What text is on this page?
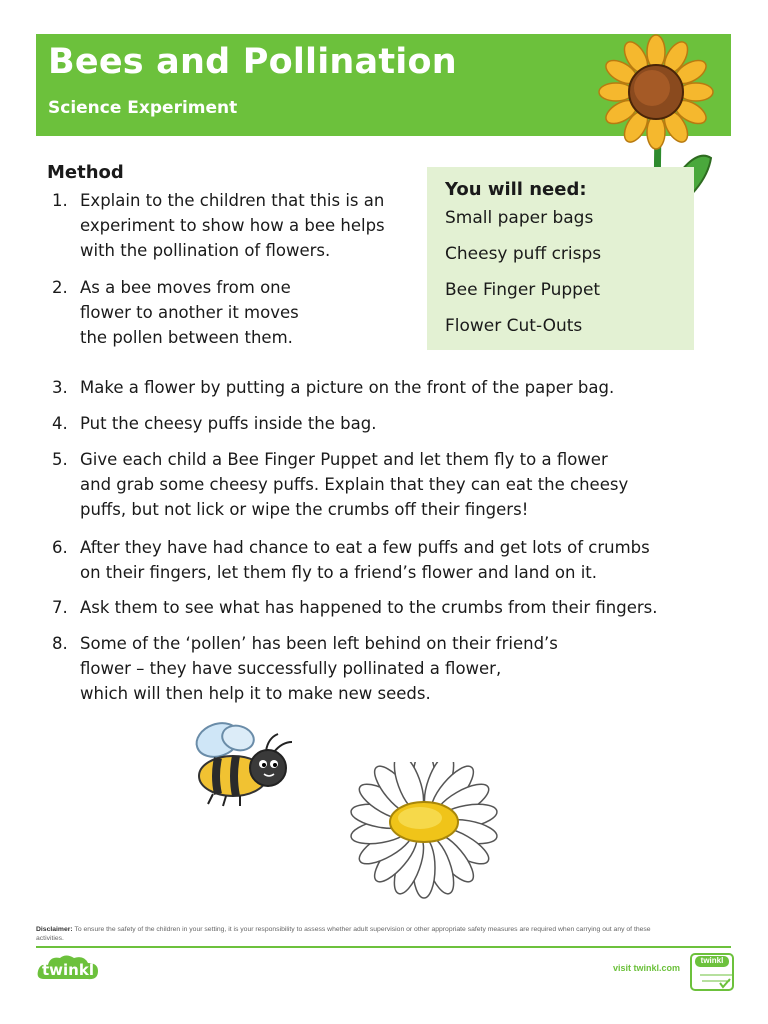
Bees and Pollination

Science Experiment

You will need:

Small paper bags
Cheesy puff crisps
Bee Finger Puppet
Flower Cut-Outs

Method

1. Explain to the children that this is an
experiment to show how a bee helps
with the pollination of flowers.
2. As a bee moves from one
flower to another it moves
the pollen between them.
3. Make a flower by putting a picture on the front of the paper bag.
4. Put the cheesy puffs inside the bag.
5. Give each child a Bee Finger Puppet and let them fly to a flower
and grab some cheesy puffs. Explain that they can eat the cheesy
puffs, but not lick or wipe the crumbs off their fingers!
6. After they have had chance to eat a few puffs and get lots of crumbs
on their fingers, let them fly to a friend’s flower and land on it.
7. Ask them to see what has happened to the crumbs from their fingers.
8. Some of the ‘pollen’ has been left behind on their friend’s
flower – they have successfully pollinated a flower,
which will then help it to make new seeds.
Disclaimer: To ensure the safety of the children in your setting, it is your responsibility to assess whether adult supervision or other appropriate safety measures are required when carrying out any of these activities.
twinkl	visit twinkl.com
twinkl
